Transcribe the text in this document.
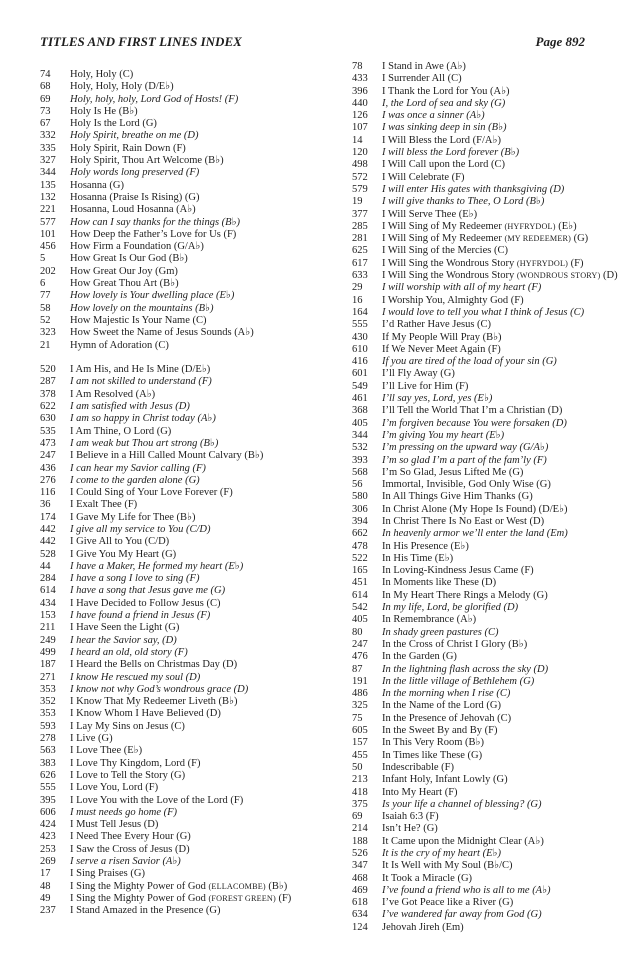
TITLES AND FIRST LINES INDEX	Page 892
74	Holy, Holy (C)
68	Holy, Holy, Holy (D/E♭)
69	Holy, holy, holy, Lord God of Hosts! (F)
73	Holy Is He (B♭)
67	Holy Is the Lord (G)
332	Holy Spirit, breathe on me (D)
335	Holy Spirit, Rain Down (F)
327	Holy Spirit, Thou Art Welcome (B♭)
344	Holy words long preserved (F)
135	Hosanna (G)
132	Hosanna (Praise Is Rising) (G)
221	Hosanna, Loud Hosanna (A♭)
577	How can I say thanks for the things (B♭)
101	How Deep the Father’s Love for Us (F)
456	How Firm a Foundation (G/A♭)
5	How Great Is Our God (B♭)
202	How Great Our Joy (Gm)
6	How Great Thou Art (B♭)
77	How lovely is Your dwelling place (E♭)
58	How lovely on the mountains (B♭)
52	How Majestic Is Your Name (C)
323	How Sweet the Name of Jesus Sounds (A♭)
21	Hymn of Adoration (C)
520	I Am His, and He Is Mine (D/E♭)
287	I am not skilled to understand (F)
378	I Am Resolved (A♭)
622	I am satisfied with Jesus (D)
630	I am so happy in Christ today (A♭)
535	I Am Thine, O Lord (G)
473	I am weak but Thou art strong (B♭)
247	I Believe in a Hill Called Mount Calvary (B♭)
436	I can hear my Savior calling (F)
276	I come to the garden alone (G)
116	I Could Sing of Your Love Forever (F)
36	I Exalt Thee (F)
174	I Gave My Life for Thee (B♭)
442	I give all my service to You (C/D)
442	I Give All to You (C/D)
528	I Give You My Heart (G)
44	I have a Maker, He formed my heart (E♭)
284	I have a song I love to sing (F)
614	I have a song that Jesus gave me (G)
434	I Have Decided to Follow Jesus (C)
153	I have found a friend in Jesus (F)
211	I Have Seen the Light (G)
249	I hear the Savior say, (D)
499	I heard an old, old story (F)
187	I Heard the Bells on Christmas Day (D)
271	I know He rescued my soul (D)
353	I know not why God’s wondrous grace (D)
352	I Know That My Redeemer Liveth (B♭)
353	I Know Whom I Have Believed (D)
593	I Lay My Sins on Jesus (C)
278	I Live (G)
563	I Love Thee (E♭)
383	I Love Thy Kingdom, Lord (F)
626	I Love to Tell the Story (G)
555	I Love You, Lord (F)
395	I Love You with the Love of the Lord (F)
606	I must needs go home (F)
424	I Must Tell Jesus (D)
423	I Need Thee Every Hour (G)
253	I Saw the Cross of Jesus (D)
269	I serve a risen Savior (A♭)
17	I Sing Praises (G)
48	I Sing the Mighty Power of God (ELLACOMBE) (B♭)
49	I Sing the Mighty Power of God (FOREST GREEN) (F)
237	I Stand Amazed in the Presence (G)
78	I Stand in Awe (A♭)
433	I Surrender All (C)
396	I Thank the Lord for You (A♭)
440	I, the Lord of sea and sky (G)
126	I was once a sinner (A♭)
107	I was sinking deep in sin (B♭)
14	I Will Bless the Lord (F/A♭)
120	I will bless the Lord forever (B♭)
498	I Will Call upon the Lord (C)
572	I Will Celebrate (F)
579	I will enter His gates with thanksgiving (D)
19	I will give thanks to Thee, O Lord (B♭)
377	I Will Serve Thee (E♭)
285	I Will Sing of My Redeemer (HYFRYDOL) (E♭)
281	I Will Sing of My Redeemer (MY REDEEMER) (G)
625	I Will Sing of the Mercies (C)
617	I Will Sing the Wondrous Story (HYFRYDOL) (F)
633	I Will Sing the Wondrous Story (WONDROUS STORY) (D)
29	I will worship with all of my heart (F)
16	I Worship You, Almighty God (F)
164	I would love to tell you what I think of Jesus (C)
555	I’d Rather Have Jesus (C)
430	If My People Will Pray (B♭)
610	If We Never Meet Again (F)
416	If you are tired of the load of your sin (G)
601	I’ll Fly Away (G)
549	I’ll Live for Him (F)
461	I’ll say yes, Lord, yes (E♭)
368	I’ll Tell the World That I’m a Christian (D)
405	I’m forgiven because You were forsaken (D)
344	I’m giving You my heart (E♭)
532	I’m pressing on the upward way (G/A♭)
393	I’m so glad I’m a part of the fam’ly (F)
568	I’m So Glad, Jesus Lifted Me (G)
56	Immortal, Invisible, God Only Wise (G)
580	In All Things Give Him Thanks (G)
306	In Christ Alone (My Hope Is Found) (D/E♭)
394	In Christ There Is No East or West (D)
662	In heavenly armor we’ll enter the land (Em)
478	In His Presence (E♭)
522	In His Time (E♭)
165	In Loving-Kindness Jesus Came (F)
451	In Moments like These (D)
614	In My Heart There Rings a Melody (G)
542	In my life, Lord, be glorified (D)
405	In Remembrance (A♭)
80	In shady green pastures (C)
247	In the Cross of Christ I Glory (B♭)
476	In the Garden (G)
87	In the lightning flash across the sky (D)
191	In the little village of Bethlehem (G)
486	In the morning when I rise (C)
325	In the Name of the Lord (G)
75	In the Presence of Jehovah (C)
605	In the Sweet By and By (F)
157	In This Very Room (B♭)
455	In Times like These (G)
50	Indescribable (F)
213	Infant Holy, Infant Lowly (G)
418	Into My Heart (F)
375	Is your life a channel of blessing? (G)
69	Isaiah 6:3 (F)
214	Isn’t He? (G)
188	It Came upon the Midnight Clear (A♭)
526	It is the cry of my heart (E♭)
347	It Is Well with My Soul (B♭/C)
468	It Took a Miracle (G)
469	I’ve found a friend who is all to me (A♭)
618	I’ve Got Peace like a River (G)
634	I’ve wandered far away from God (G)
124	Jehovah Jireh (Em)
